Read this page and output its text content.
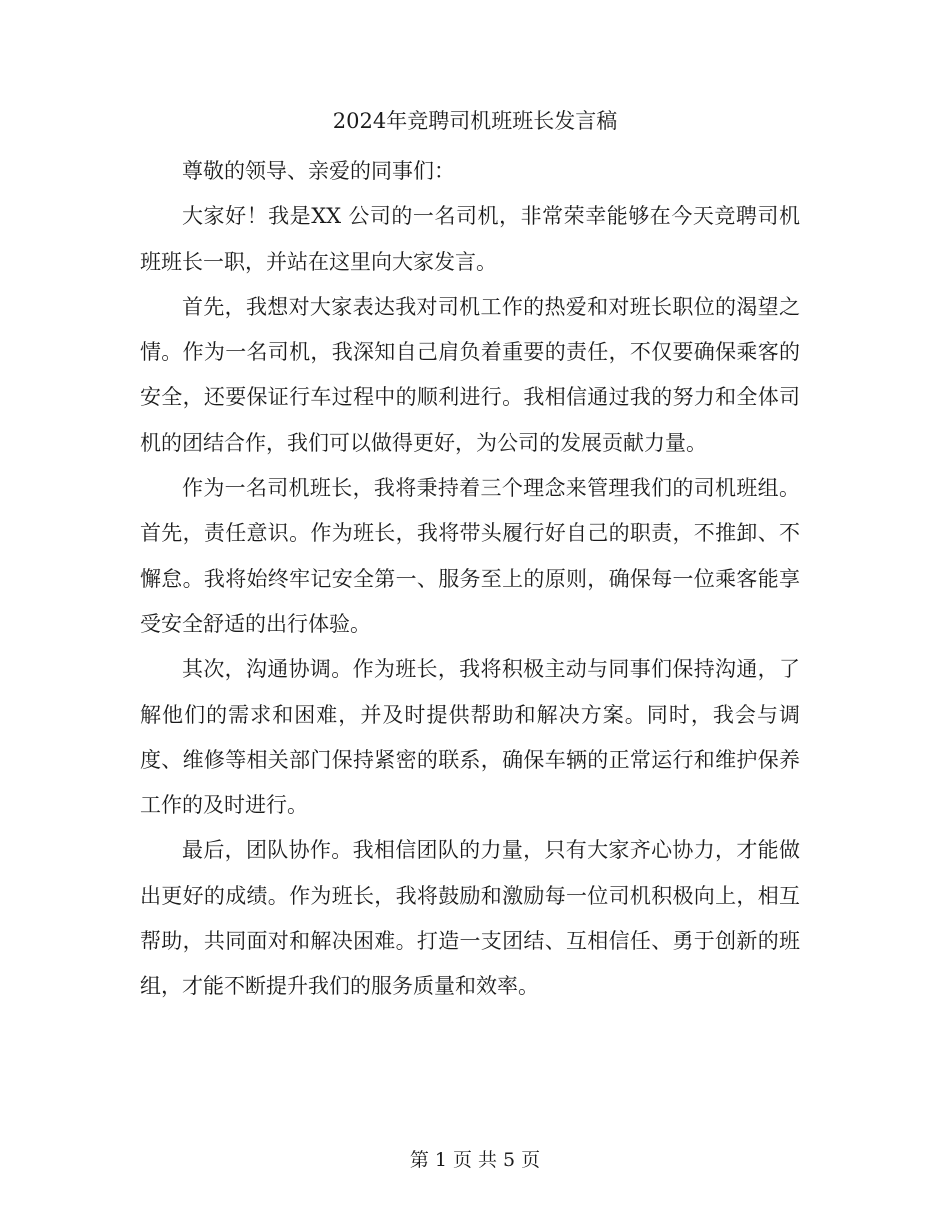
2024年竞聘司机班班长发言稿

尊敬的领导、亲爱的同事们：

大家好！我是XX 公司的一名司机，非常荣幸能够在今天竞聘司机班班长一职，并站在这里向大家发言。

首先，我想对大家表达我对司机工作的热爱和对班长职位的渴望之情。作为一名司机，我深知自己肩负着重要的责任，不仅要确保乘客的安全，还要保证行车过程中的顺利进行。我相信通过我的努力和全体司机的团结合作，我们可以做得更好，为公司的发展贡献力量。

作为一名司机班长，我将秉持着三个理念来管理我们的司机班组。首先，责任意识。作为班长，我将带头履行好自己的职责，不推卸、不懈怠。我将始终牢记安全第一、服务至上的原则，确保每一位乘客能享受安全舒适的出行体验。

其次，沟通协调。作为班长，我将积极主动与同事们保持沟通，了解他们的需求和困难，并及时提供帮助和解决方案。同时，我会与调度、维修等相关部门保持紧密的联系，确保车辆的正常运行和维护保养工作的及时进行。

最后，团队协作。我相信团队的力量，只有大家齐心协力，才能做出更好的成绩。作为班长，我将鼓励和激励每一位司机积极向上，相互帮助，共同面对和解决困难。打造一支团结、互相信任、勇于创新的班组，才能不断提升我们的服务质量和效率。

第 1 页 共 5 页
